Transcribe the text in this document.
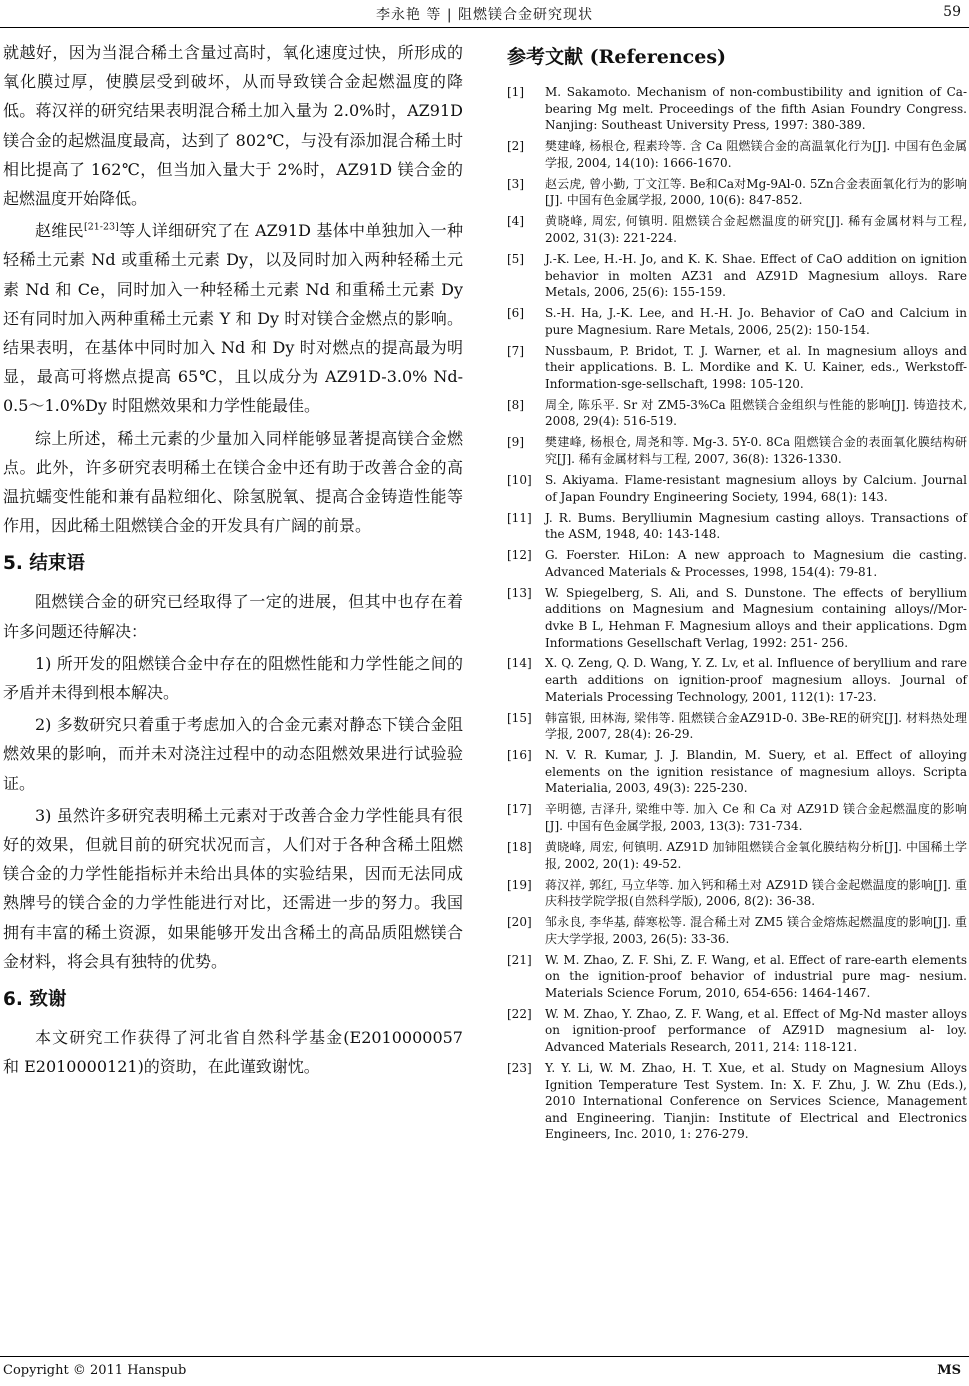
李永艳 等 | 阻燃镁合金研究现状	59

就越好，因为当混合稀土含量过高时，氧化速度过快，所形成的氧化膜过厚，使膜层受到破坏，从而导致镁合金起燃温度的降低。蒋汉祥的研究结果表明混合稀土加入量为 2.0%时，AZ91D 镁合金的起燃温度最高，达到了 802℃，与没有添加混合稀土时相比提高了 162℃，但当加入量大于 2%时，AZ91D 镁合金的起燃温度开始降低。

赵维民[21-23]等人详细研究了在 AZ91D 基体中单独加入一种轻稀土元素 Nd 或重稀土元素 Dy，以及同时加入两种轻稀土元素 Nd 和 Ce，同时加入一种轻稀土元素 Nd 和重稀土元素 Dy 还有同时加入两种重稀土元素 Y 和 Dy 时对镁合金燃点的影响。结果表明，在基体中同时加入 Nd 和 Dy 时对燃点的提高最为明显，最高可将燃点提高 65℃，且以成分为 AZ91D-3.0% Nd-0.5～1.0%Dy 时阻燃效果和力学性能最佳。

综上所述，稀土元素的少量加入同样能够显著提高镁合金燃点。此外，许多研究表明稀土在镁合金中还有助于改善合金的高温抗蠕变性能和兼有晶粒细化、除氢脱氧、提高合金铸造性能等作用，因此稀土阻燃镁合金的开发具有广阔的前景。

5. 结束语

阻燃镁合金的研究已经取得了一定的进展，但其中也存在着许多问题还待解决：

1) 所开发的阻燃镁合金中存在的阻燃性能和力学性能之间的矛盾并未得到根本解决。

2) 多数研究只着重于考虑加入的合金元素对静态下镁合金阻燃效果的影响，而并未对浇注过程中的动态阻燃效果进行试验验证。

3) 虽然许多研究表明稀土元素对于改善合金力学性能具有很好的效果，但就目前的研究状况而言，人们对于各种含稀土阻燃镁合金的力学性能指标并未给出具体的实验结果，因而无法同成熟牌号的镁合金的力学性能进行对比，还需进一步的努力。我国拥有丰富的稀土资源，如果能够开发出含稀土的高品质阻燃镁合金材料，将会具有独特的优势。

6. 致谢

本文研究工作获得了河北省自然科学基金(E2010000057 和 E2010000121)的资助，在此谨致谢忱。

参考文献 (References)
[1]	M. Sakamoto. Mechanism of non-combustibility and ignition of Ca-bearing Mg melt. Proceedings of the fifth Asian Foundry Congress. Nanjing: Southeast University Press, 1997: 380-389.
[2]	樊建峰, 杨根仓, 程素玲等. 含 Ca 阻燃镁合金的高温氧化行为[J]. 中国有色金属学报, 2004, 14(10): 1666-1670.
[3]	赵云虎, 曾小勤, 丁文江等. Be和Ca对Mg-9Al-0. 5Zn合金表面氧化行为的影响[J]. 中国有色金属学报, 2000, 10(6): 847-852.
[4]	黄晓峰, 周宏, 何镇明. 阻燃镁合金起燃温度的研究[J]. 稀有金属材料与工程, 2002, 31(3): 221-224.
[5]	J.-K. Lee, H.-H. Jo, and K. K. Shae. Effect of CaO addition on ignition behavior in molten AZ31 and AZ91D Magnesium alloys. Rare Metals, 2006, 25(6): 155-159.
[6]	S.-H. Ha, J.-K. Lee, and H.-H. Jo. Behavior of CaO and Calcium in pure Magnesium. Rare Metals, 2006, 25(2): 150-154.
[7]	Nussbaum, P. Bridot, T. J. Warner, et al. In magnesium alloys and their applications. B. L. Mordike and K. U. Kainer, eds., Werkstoff-Information-sge-sellschaft, 1998: 105-120.
[8]	周全, 陈乐平. Sr 对 ZM5-3%Ca 阻燃镁合金组织与性能的影响[J]. 铸造技术, 2008, 29(4): 516-519.
[9]	樊建峰, 杨根仓, 周尧和等. Mg-3. 5Y-0. 8Ca 阻燃镁合金的表面氧化膜结构研究[J]. 稀有金属材料与工程, 2007, 36(8): 1326-1330.
[10]	S. Akiyama. Flame-resistant magnesium alloys by Calcium. Journal of Japan Foundry Engineering Society, 1994, 68(1): 143.
[11]	J. R. Bums. Berylliumin Magnesium casting alloys. Transactions of the ASM, 1948, 40: 143-148.
[12]	G. Foerster. HiLon: A new approach to Magnesium die casting. Advanced Materials & Processes, 1998, 154(4): 79-81.
[13]	W. Spiegelberg, S. Ali, and S. Dunstone. The effects of beryllium additions on Magnesium and Magnesium containing alloys//Mor- dvke B L, Hehman F. Magnesium alloys and their applications. Dgm Informations Gesellschaft Verlag, 1992: 251- 256.
[14]	X. Q. Zeng, Q. D. Wang, Y. Z. Lv, et al. Influence of beryllium and rare earth additions on ignition-proof magnesium alloys. Journal of Materials Processing Technology, 2001, 112(1): 17-23.
[15]	韩富银, 田林海, 梁伟等. 阻燃镁合金AZ91D-0. 3Be-RE的研究[J]. 材料热处理学报, 2007, 28(4): 26-29.
[16]	N. V. R. Kumar, J. J. Blandin, M. Suery, et al. Effect of alloying elements on the ignition resistance of magnesium alloys. Scripta Materialia, 2003, 49(3): 225-230.
[17]	辛明德, 吉泽升, 梁维中等. 加入 Ce 和 Ca 对 AZ91D 镁合金起燃温度的影响[J]. 中国有色金属学报, 2003, 13(3): 731-734.
[18]	黄晓峰, 周宏, 何镇明. AZ91D 加铈阻燃镁合金氧化膜结构分析[J]. 中国稀土学报, 2002, 20(1): 49-52.
[19]	蒋汉祥, 郭红, 马立华等. 加入钙和稀土对 AZ91D 镁合金起燃温度的影响[J]. 重庆科技学院学报(自然科学版), 2006, 8(2): 36-38.
[20]	邹永良, 李华基, 薛寒松等. 混合稀土对 ZM5 镁合金熔炼起燃温度的影响[J]. 重庆大学学报, 2003, 26(5): 33-36.
[21]	W. M. Zhao, Z. F. Shi, Z. F. Wang, et al. Effect of rare-earth elements on the ignition-proof behavior of industrial pure mag- nesium. Materials Science Forum, 2010, 654-656: 1464-1467.
[22]	W. M. Zhao, Y. Zhao, Z. F. Wang, et al. Effect of Mg-Nd master alloys on ignition-proof performance of AZ91D magnesium al- loy. Advanced Materials Research, 2011, 214: 118-121.
[23]	Y. Y. Li, W. M. Zhao, H. T. Xue, et al. Study on Magnesium Alloys Ignition Temperature Test System. In: X. F. Zhu, J. W. Zhu (Eds.), 2010 International Conference on Services Science, Management and Engineering. Tianjin: Institute of Electrical and Electronics Engineers, Inc. 2010, 1: 276-279.
Copyright © 2011 Hanspub	MS
